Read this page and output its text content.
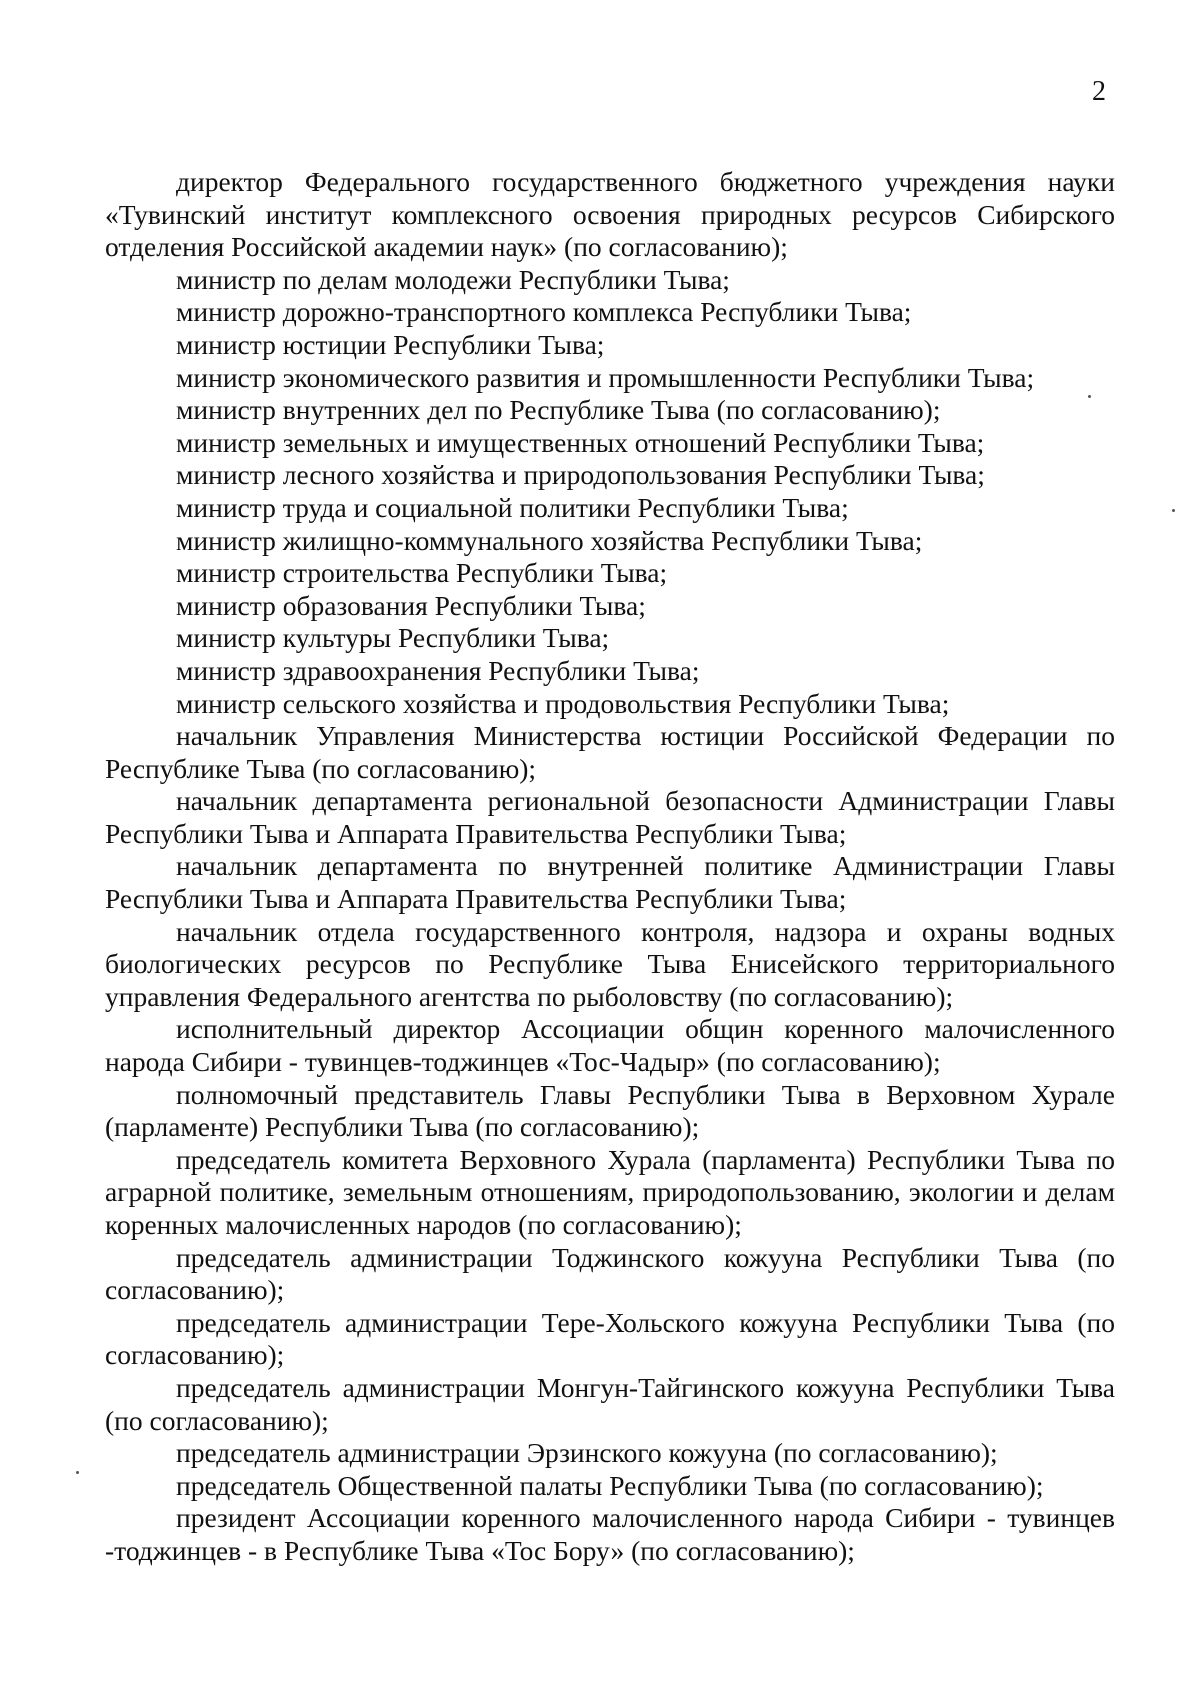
2

директор Федерального государственного бюджетного учреждения науки «Тувинский институт комплексного освоения природных ресурсов Сибирского отделения Российской академии наук» (по согласованию);

министр по делам молодежи Республики Тыва;

министр дорожно-транспортного комплекса Республики Тыва;

министр юстиции Республики Тыва;

министр экономического развития и промышленности Республики Тыва;

министр внутренних дел по Республике Тыва (по согласованию);

министр земельных и имущественных отношений Республики Тыва;

министр лесного хозяйства и природопользования Республики Тыва;

министр труда и социальной политики Республики Тыва;

министр жилищно-коммунального хозяйства Республики Тыва;

министр строительства Республики Тыва;

министр образования Республики Тыва;

министр культуры Республики Тыва;

министр здравоохранения Республики Тыва;

министр сельского хозяйства и продовольствия Республики Тыва;

начальник Управления Министерства юстиции Российской Федерации по Республике Тыва (по согласованию);

начальник департамента региональной безопасности Администрации Главы Республики Тыва и Аппарата Правительства Республики Тыва;

начальник департамента по внутренней политике Администрации Главы Республики Тыва и Аппарата Правительства Республики Тыва;

начальник отдела государственного контроля, надзора и охраны водных биологических ресурсов по Республике Тыва Енисейского территориального управления Федерального агентства по рыболовству (по согласованию);

исполнительный директор Ассоциации общин коренного малочисленного народа Сибири - тувинцев-тоджинцев «Тос-Чадыр» (по согласованию);

полномочный представитель Главы Республики Тыва в Верховном Хурале (парламенте) Республики Тыва (по согласованию);

председатель комитета Верховного Хурала (парламента) Республики Тыва по аграрной политике, земельным отношениям, природопользованию, экологии и делам коренных малочисленных народов (по согласованию);

председатель администрации Тоджинского кожууна Республики Тыва (по согласованию);

председатель администрации Тере-Хольского кожууна Республики Тыва (по согласованию);

председатель администрации Монгун-Тайгинского кожууна Республики Тыва (по согласованию);

председатель администрации Эрзинского кожууна (по согласованию);

председатель Общественной палаты Республики Тыва (по согласованию);

президент Ассоциации коренного малочисленного народа Сибири - тувинцев -тоджинцев - в Республике Тыва «Тос Бору» (по согласованию);
